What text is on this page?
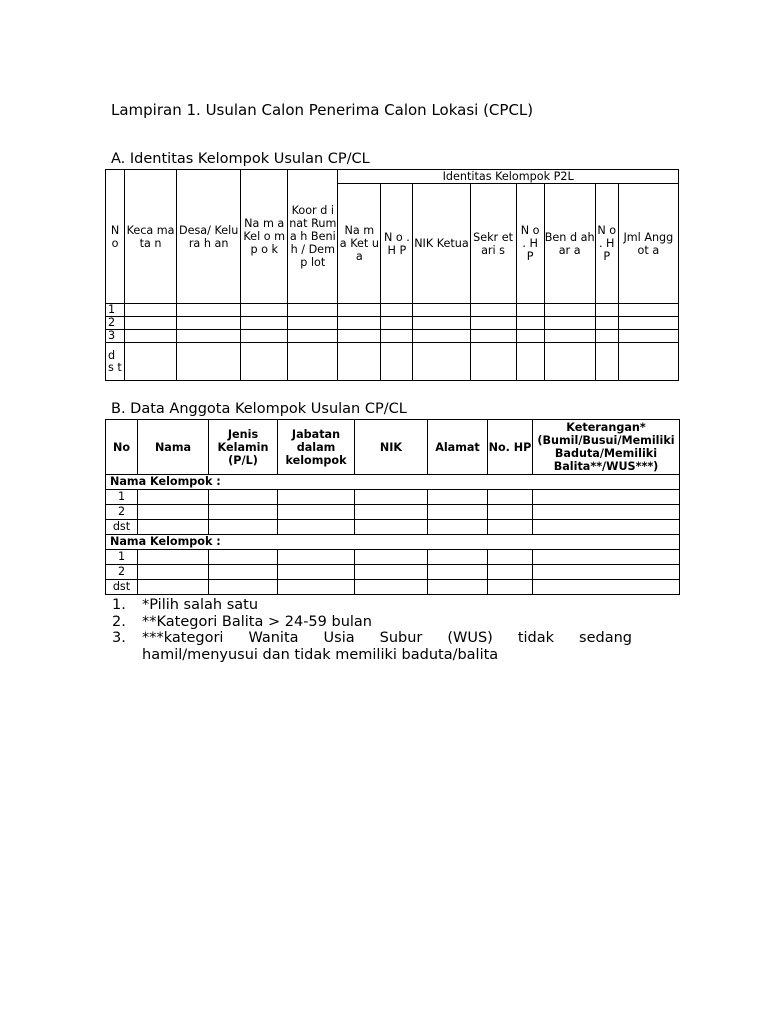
Lampiran 1. Usulan Calon Penerima Calon Lokasi (CPCL)
A. Identitas Kelompok Usulan CP/CL
N o	Keca mata n	Desa/ Kelura h an	Na m a Kel o mp o k	Koor d inat Rum a h Beni h / Dem p lot	Identitas Kelompok P2L							
					Na m a Ket u a	N o . H P	NIK Ketua	Sekr etari s	N o . H P	Ben d ahar a	N o . H P	Jml Angg ot a
1												
2												
3												
d s t												
B. Data Anggota Kelompok Usulan CP/CL
No	Nama	Jenis Kelamin (P/L)	Jabatan dalam kelompok	NIK	Alamat	No. HP	Keterangan* (Bumil/Busui/Memiliki Baduta/Memiliki Balita**/WUS***)
Nama Kelompok :							
1							
2							
dst							
Nama Kelompok :							
1							
2							
dst							
1. *Pilih salah satu
2. **Kategori Balita > 24-59 bulan
3. ***kategori Wanita Usia Subur (WUS) tidak sedang
hamil/menyusui dan tidak memiliki baduta/balita
